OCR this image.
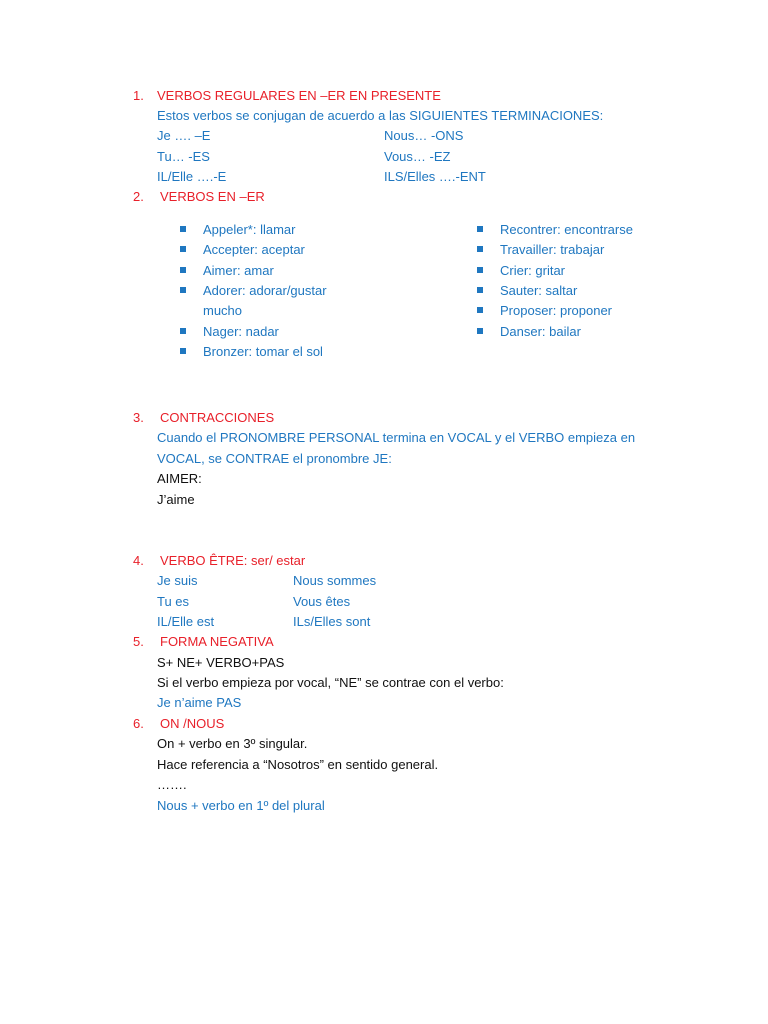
1. VERBOS REGULARES EN –ER EN PRESENTE
Estos verbos se conjugan de acuerdo a las SIGUIENTES TERMINACIONES:
Je …. –E
Tu… -ES
IL/Elle ….-E
Nous… -ONS
Vous… -EZ
ILS/Elles ….-ENT
2. VERBOS EN –ER
Appeler*: llamar
Accepter: aceptar
Aimer: amar
Adorer: adorar/gustar
mucho
Nager: nadar
Bronzer: tomar el sol
Recontrer: encontrarse
Travailler: trabajar
Crier: gritar
Sauter: saltar
Proposer: proponer
Danser: bailar
3. CONTRACCIONES
Cuando el PRONOMBRE PERSONAL termina en VOCAL y el VERBO empieza en
VOCAL, se CONTRAE el pronombre JE:
AIMER:
J’aime
4. VERBO ÊTRE: ser/ estar
Je suis
Tu es
IL/Elle est
Nous sommes
Vous êtes
ILs/Elles sont
5. FORMA NEGATIVA
S+ NE+ VERBO+PAS
Si el verbo empieza por vocal, “NE” se contrae con el verbo:
Je n’aime PAS
6. ON /NOUS
On + verbo en 3º singular.
Hace referencia a “Nosotros” en sentido general.
…….
Nous + verbo en 1º del plural
